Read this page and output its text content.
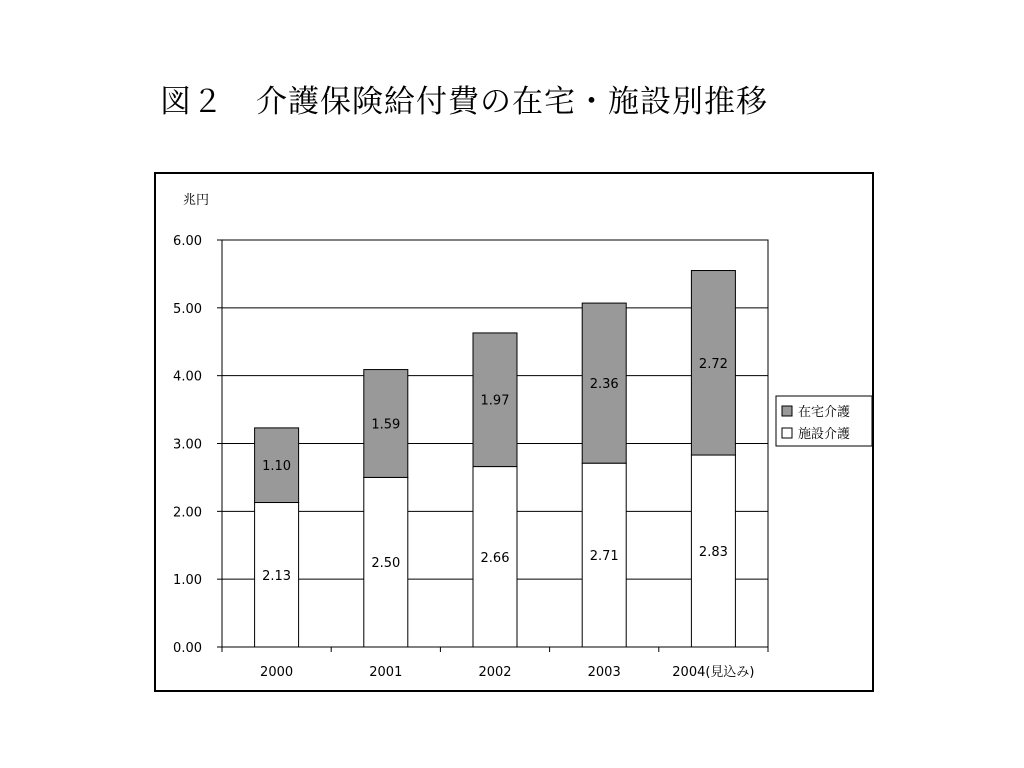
図２　介護保険給付費の在宅・施設別推移
兆円
2.13
1.10
2.50
1.59
2.66
1.97
2.71
2.36
2.83
2.72
0.00
1.00
2.00
3.00
4.00
5.00
6.00
2000	2001	2002	2003	2004(見込み)
在宅介護
施設介護
